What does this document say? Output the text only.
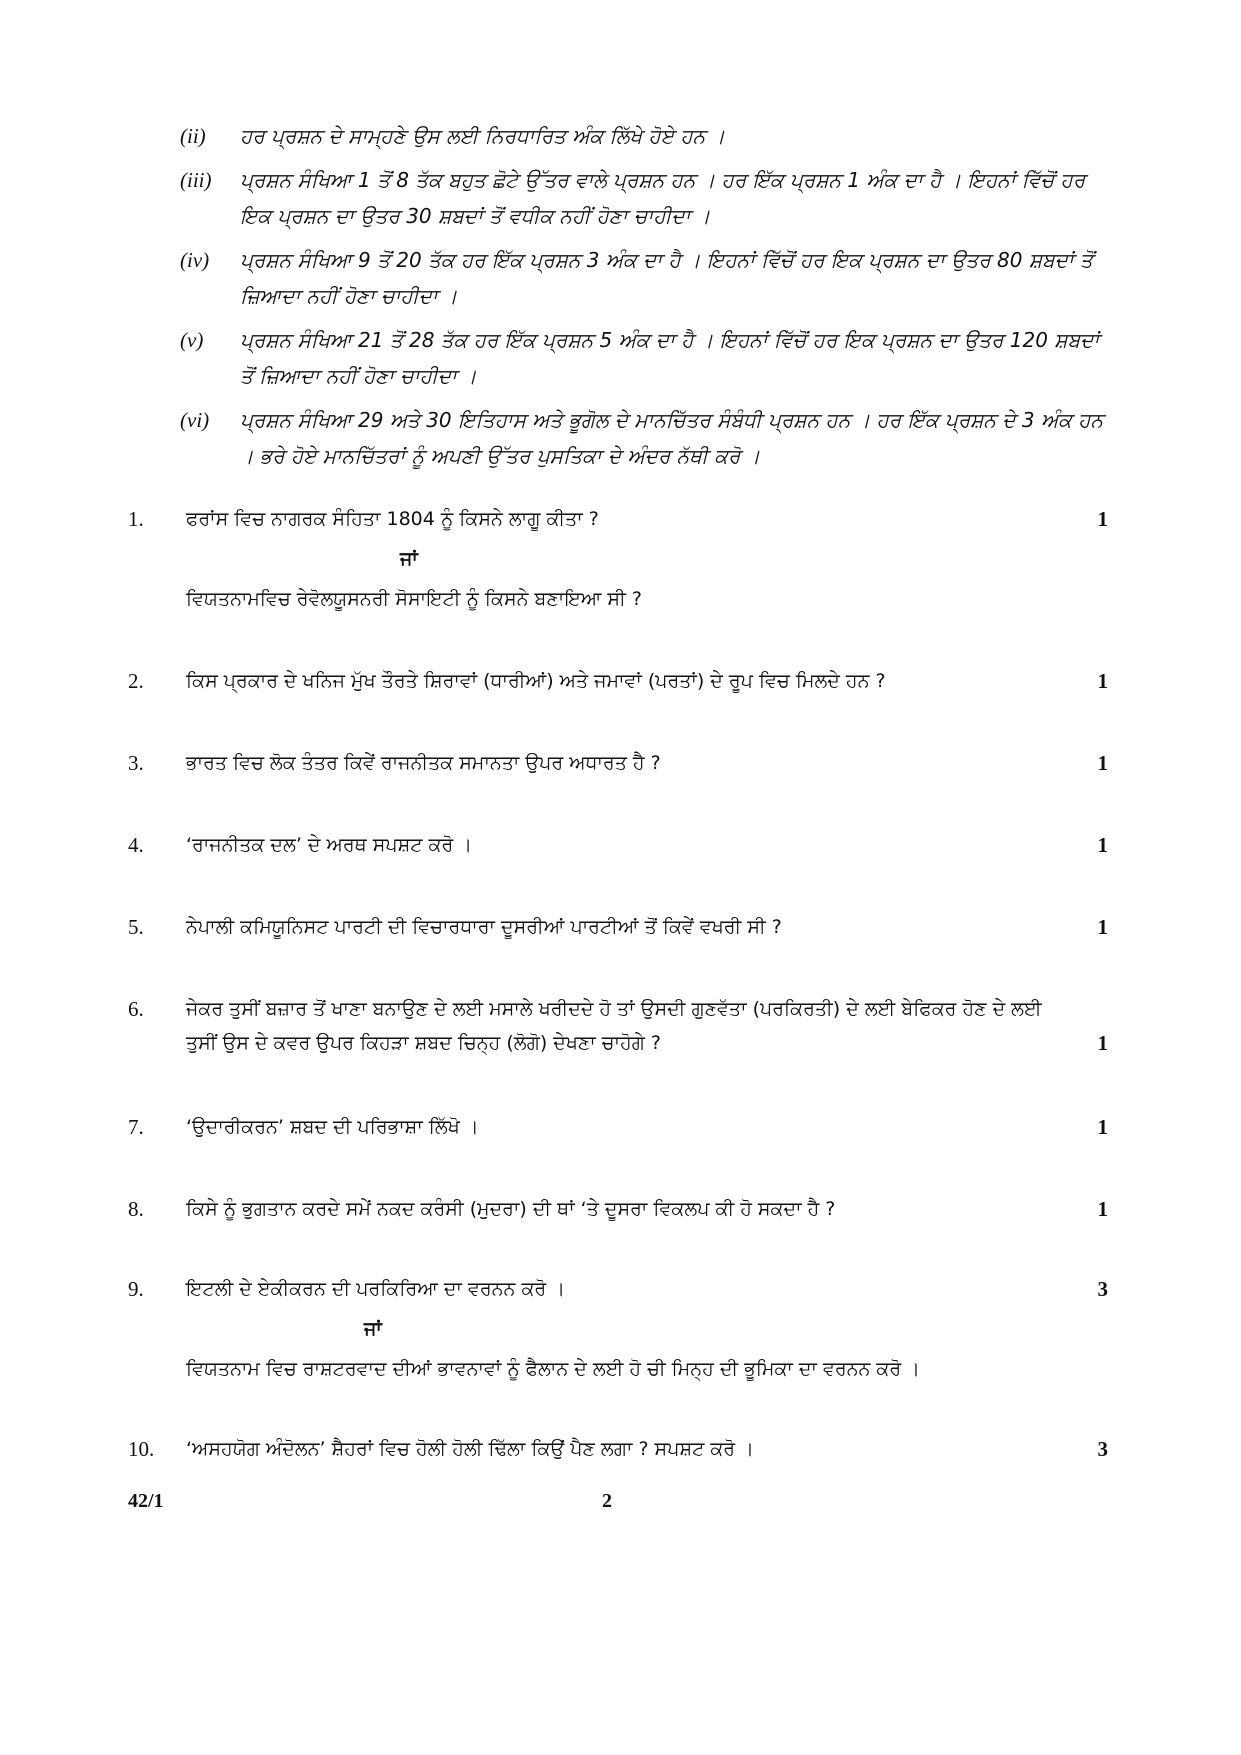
(ii)	ਹਰ ਪ੍ਰਸ਼ਨ ਦੇ ਸਾਮ੍ਹਣੇ ਉਸ ਲਈ ਨਿਰਧਾਰਿਤ ਅੰਕ ਲਿੱਖੇ ਹੋਏ ਹਨ ।
(iii)	ਪ੍ਰਸ਼ਨ ਸੰਖਿਆ 1 ਤੋਂ 8 ਤੱਕ ਬਹੁਤ ਛੋਟੇ ਉੱਤਰ ਵਾਲੇ ਪ੍ਰਸ਼ਨ ਹਨ । ਹਰ ਇੱਕ ਪ੍ਰਸ਼ਨ 1 ਅੰਕ ਦਾ ਹੈ । ਇਹਨਾਂ ਵਿੱਚੋਂ ਹਰ ਇਕ ਪ੍ਰਸ਼ਨ ਦਾ ਉਤਰ 30 ਸ਼ਬਦਾਂ ਤੋਂ ਵਧੀਕ ਨਹੀਂ ਹੋਣਾ ਚਾਹੀਦਾ ।
(iv)	ਪ੍ਰਸ਼ਨ ਸੰਖਿਆ 9 ਤੋਂ 20 ਤੱਕ ਹਰ ਇੱਕ ਪ੍ਰਸ਼ਨ 3 ਅੰਕ ਦਾ ਹੈ । ਇਹਨਾਂ ਵਿੱਚੋਂ ਹਰ ਇਕ ਪ੍ਰਸ਼ਨ ਦਾ ਉਤਰ 80 ਸ਼ਬਦਾਂ ਤੋਂ ਜ਼ਿਆਦਾ ਨਹੀਂ ਹੋਣਾ ਚਾਹੀਦਾ ।
(v)	ਪ੍ਰਸ਼ਨ ਸੰਖਿਆ 21 ਤੋਂ 28 ਤੱਕ ਹਰ ਇੱਕ ਪ੍ਰਸ਼ਨ 5 ਅੰਕ ਦਾ ਹੈ । ਇਹਨਾਂ ਵਿੱਚੋਂ ਹਰ ਇਕ ਪ੍ਰਸ਼ਨ ਦਾ ਉਤਰ 120 ਸ਼ਬਦਾਂ ਤੋਂ ਜ਼ਿਆਦਾ ਨਹੀਂ ਹੋਣਾ ਚਾਹੀਦਾ ।
(vi)	ਪ੍ਰਸ਼ਨ ਸੰਖਿਆ 29 ਅਤੇ 30 ਇਤਿਹਾਸ ਅਤੇ ਭੂਗੋਲ ਦੇ ਮਾਨਚਿੱਤਰ ਸੰਬੰਧੀ ਪ੍ਰਸ਼ਨ ਹਨ । ਹਰ ਇੱਕ ਪ੍ਰਸ਼ਨ ਦੇ 3 ਅੰਕ ਹਨ । ਭਰੇ ਹੋਏ ਮਾਨਚਿੱਤਰਾਂ ਨੂੰ ਅਪਣੀ ਉੱਤਰ ਪੁਸਤਿਕਾ ਦੇ ਅੰਦਰ ਨੱਥੀ ਕਰੋ ।
1.	ਫਰਾਂਸ ਵਿਚ ਨਾਗਰਕ ਸੰਹਿਤਾ 1804 ਨੂੰ ਕਿਸਨੇ ਲਾਗੂ ਕੀਤਾ ?	1
ਜਾਂ
ਵਿਯਤਨਾਮਵਿਚ ਰੇਵੋਲਯੂਸਨਰੀ ਸੋਸਾਇਟੀ ਨੂੰ ਕਿਸਨੇ ਬਣਾਇਆ ਸੀ ?
2.	ਕਿਸ ਪ੍ਰਕਾਰ ਦੇ ਖਨਿਜ ਮੁੱਖ ਤੌਰਤੇ ਸ਼ਿਰਾਵਾਂ (ਧਾਰੀਆਂ) ਅਤੇ ਜਮਾਵਾਂ (ਪਰਤਾਂ) ਦੇ ਰੂਪ ਵਿਚ ਮਿਲਦੇ ਹਨ ?	1
3.	ਭਾਰਤ ਵਿਚ ਲੋਕ ਤੰਤਰ ਕਿਵੇਂ ਰਾਜਨੀਤਕ ਸਮਾਨਤਾ ਉਪਰ ਅਧਾਰਤ ਹੈ ?	1
4.	‘ਰਾਜਨੀਤਕ ਦਲ’ ਦੇ ਅਰਥ ਸਪਸ਼ਟ ਕਰੋ ।	1
5.	ਨੇਪਾਲੀ ਕਮਿਯੂਨਿਸਟ ਪਾਰਟੀ ਦੀ ਵਿਚਾਰਧਾਰਾ ਦੂਸਰੀਆਂ ਪਾਰਟੀਆਂ ਤੋਂ ਕਿਵੇਂ ਵਖਰੀ ਸੀ ?	1
6.	ਜੇਕਰ ਤੁਸੀਂ ਬਜ਼ਾਰ ਤੋਂ ਖਾਣਾ ਬਨਾਉਣ ਦੇ ਲਈ ਮਸਾਲੇ ਖਰੀਦਦੇ ਹੋ ਤਾਂ ਉਸਦੀ ਗੁਣਵੱਤਾ (ਪਰਕਿਰਤੀ) ਦੇ ਲਈ ਬੇਫਿਕਰ ਹੋਣ ਦੇ ਲਈ ਤੁਸੀਂ ਉਸ ਦੇ ਕਵਰ ਉਪਰ ਕਿਹੜਾ ਸ਼ਬਦ ਚਿਨ੍ਹ (ਲੋਗੋ) ਦੇਖਣਾ ਚਾਹੋਗੇ ?	1
7.	‘ਉਦਾਰੀਕਰਨ’ ਸ਼ਬਦ ਦੀ ਪਰਿਭਾਸ਼ਾ ਲਿੱਖੋ ।	1
8.	ਕਿਸੇ ਨੂੰ ਭੁਗਤਾਨ ਕਰਦੇ ਸਮੇਂ ਨਕਦ ਕਰੰਸੀ (ਮੁਦਰਾ) ਦੀ ਥਾਂ ‘ਤੇ ਦੂਸਰਾ ਵਿਕਲਪ ਕੀ ਹੋ ਸਕਦਾ ਹੈ ?	1
9.	ਇਟਲੀ ਦੇ ਏਕੀਕਰਨ ਦੀ ਪਰਕਿਰਿਆ ਦਾ ਵਰਨਨ ਕਰੋ ।	3
ਜਾਂ
ਵਿਯਤਨਾਮ ਵਿਚ ਰਾਸ਼ਟਰਵਾਦ ਦੀਆਂ ਭਾਵਨਾਵਾਂ ਨੂੰ ਫੈਲਾਨ ਦੇ ਲਈ ਹੋ ਚੀ ਮਿਨ੍ਹ ਦੀ ਭੂਮਿਕਾ ਦਾ ਵਰਨਨ ਕਰੋ ।
10.	‘ਅਸਹਯੋਗ ਅੰਦੋਲਨ’ ਸ਼ੈਹਰਾਂ ਵਿਚ ਹੋਲੀ ਹੋਲੀ ਢਿੱਲਾ ਕਿਉਂ ਪੈਣ ਲਗਾ ? ਸਪਸ਼ਟ ਕਰੋ ।	3
42/1	2
